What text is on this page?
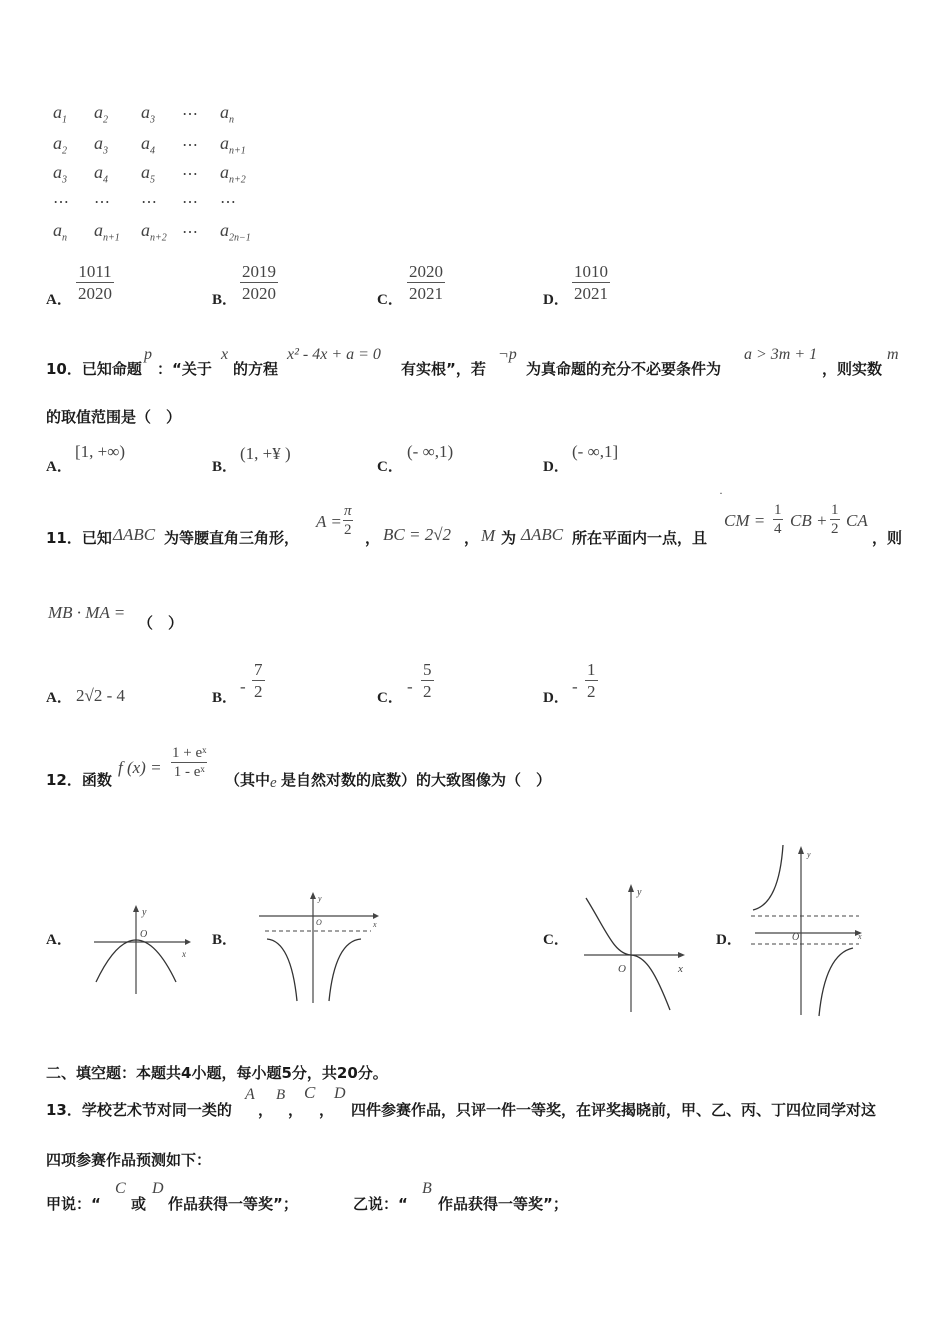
$a_1$ $a_2$ $a_3$ ⋯ $a_n$
$a_2$ $a_3$ $a_4$ ⋯ $a_{n+1}$
$a_3$ $a_4$ $a_5$ ⋯ $a_{n+2}$
⋯ ⋯ ⋯ ⋯ ⋯
$a_n$ $a_{n+1}$ $a_{n+2}$ ⋯ $a_{2n-1}$
A．
1011
2020	B．
2019
2020	C．
2020
2021	D．
1010
2021
10．已知命题
p
：“关于
x
的方程
x² - 4x + a = 0
有实根”，若
¬p
为真命题的充分不必要条件为
a > 3m + 1
，则实数
m
的取值范围是（　）
A．
[1, +∞)
B．
(1, +¥ )
C．
(- ∞,1)
D．
(- ∞,1]
11．已知 ΔABC 为等腰直角三角形，
A =
π
2 ， BC = 2√2 ， M 为 ΔABC 所在平面内一点，且
·
CM =
1
4 CB +
1
2 CA
，则
MB · MA =
（　）
A． 2√2 - 4	B．
-
7
2	C．
-
5
2	D．
-
1
2
12．函数
f (x) =
1 + eˣ
1 - eˣ （其中 e 是自然对数的底数）的大致图像为（　）
A．
y
O
x
B．
y
O	x
C．
y
O	x
D．
y
O	x
二、填空题：本题共4小题，每小题5分，共20分。
13．学校艺术节对同一类的
A
，
B
，
C
，
D
四件参赛作品，只评一件一等奖，在评奖揭晓前，甲、乙、丙、丁四位同学对这
四项参赛作品预测如下：
甲说：“
C
或
D
作品获得一等奖”；	乙说：“
B
作品获得一等奖”；
